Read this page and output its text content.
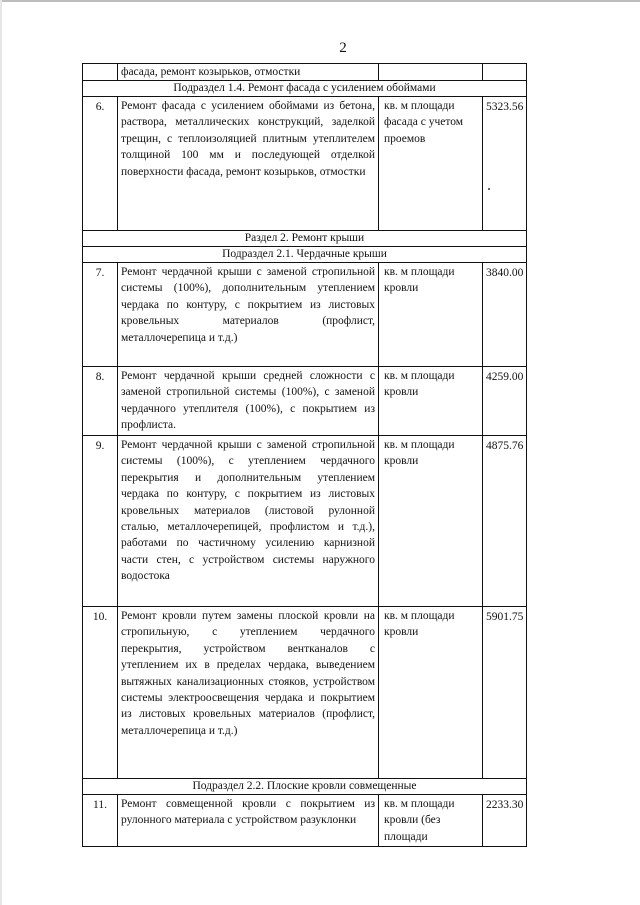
2
	фасада, ремонт козырьков, отмостки		
Подраздел 1.4. Ремонт фасада с усилением обоймами			
6.	Ремонт фасада с усилением обоймами из бетона, раствора, металлических конструкций, заделкой трещин, с теплоизоляцией плитным утеплителем толщиной 100 мм и последующей отделкой поверхности фасада, ремонт козырьков, отмостки	кв. м площади фасада с учетом проемов	5323.56
Раздел 2. Ремонт крыши			
Подраздел 2.1. Чердачные крыши			
7.	Ремонт чердачной крыши с заменой стропильной системы (100%), дополнительным утеплением чердака по контуру, с покрытием из листовых кровельных материалов (профлист, металлочерепица и т.д.)	кв. м площади кровли	3840.00
8.	Ремонт чердачной крыши средней сложности с заменой стропильной системы (100%), с заменой чердачного утеплителя (100%), с покрытием из профлиста.	кв. м площади кровли	4259.00
9.	Ремонт чердачной крыши с заменой стропильной системы (100%), с утеплением чердачного перекрытия и дополнительным утеплением чердака по контуру, с покрытием из листовых кровельных материалов (листовой рулонной сталью, металлочерепицей, профлистом и т.д.), работами по частичному усилению карнизной части стен, с устройством системы наружного водостока	кв. м площади кровли	4875.76
10.	Ремонт кровли путем замены плоской кровли на стропильную, с утеплением чердачного перекрытия, устройством вентканалов с утеплением их в пределах чердака, выведением вытяжных канализационных стояков, устройством системы электроосвещения чердака и покрытием из листовых кровельных материалов (профлист, металлочерепица и т.д.)	кв. м площади кровли	5901.75
Подраздел 2.2. Плоские кровли совмещенные			
11.	Ремонт совмещенной кровли с покрытием из рулонного материала с устройством разуклонки	кв. м площади кровли (без площади	2233.30
